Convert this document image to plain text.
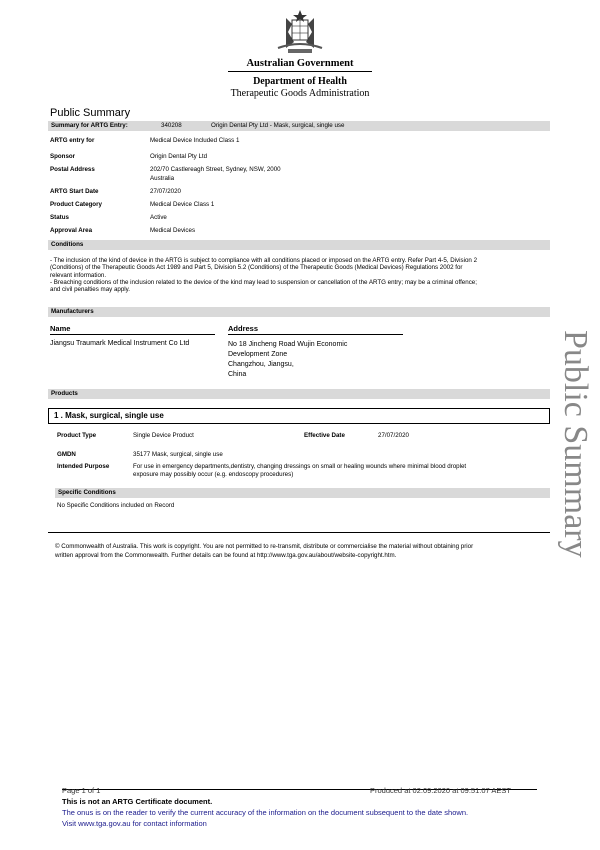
Australian Government
Department of Health
Therapeutic Goods Administration
Public Summary
Summary for ARTG Entry:	340208	Origin Dental Pty Ltd - Mask, surgical, single use
ARTG entry for	Medical Device Included Class 1
Sponsor	Origin Dental Pty Ltd
Postal Address	202/70 Castlereagh Street, Sydney, NSW, 2000
Australia
ARTG Start Date	27/07/2020
Product Category	Medical Device Class 1
Status	Active
Approval Area	Medical Devices
Conditions
- The inclusion of the kind of device in the ARTG is subject to compliance with all conditions placed or imposed on the ARTG entry. Refer Part 4-5, Division 2
(Conditions) of the Therapeutic Goods Act 1989 and Part 5, Division 5.2 (Conditions) of the Therapeutic Goods (Medical Devices) Regulations 2002 for
relevant information.
- Breaching conditions of the inclusion related to the device of the kind may lead to suspension or cancellation of the ARTG entry; may be a criminal offence;
and civil penalties may apply.
Manufacturers
Name	Address
Jiangsu Traumark Medical Instrument Co Ltd	No 18 Jincheng Road Wujin Economic
Development Zone
Changzhou, Jiangsu,
China
Products
1 . Mask, surgical, single use
Product Type	Single Device Product	Effective Date	27/07/2020
GMDN	35177 Mask, surgical, single use
Intended Purpose	For use in emergency departments,dentistry, changing dressings on small or healing wounds where minimal blood droplet
exposure may possibly occur (e.g. endoscopy procedures)
Specific Conditions
No Specific Conditions included on Record
© Commonwealth of Australia. This work is copyright. You are not permitted to re-transmit, distribute or commercialise the material without obtaining prior
written approval from the Commonwealth. Further details can be found at http://www.tga.gov.au/about/website-copyright.htm.	Public Summary
Page 1 of 1	Produced at 02.09.2020 at 09:51:07 AEST
This is not an ARTG Certificate document.
The onus is on the reader to verify the current accuracy of the information on the document subsequent to the date shown.
Visit www.tga.gov.au for contact information
